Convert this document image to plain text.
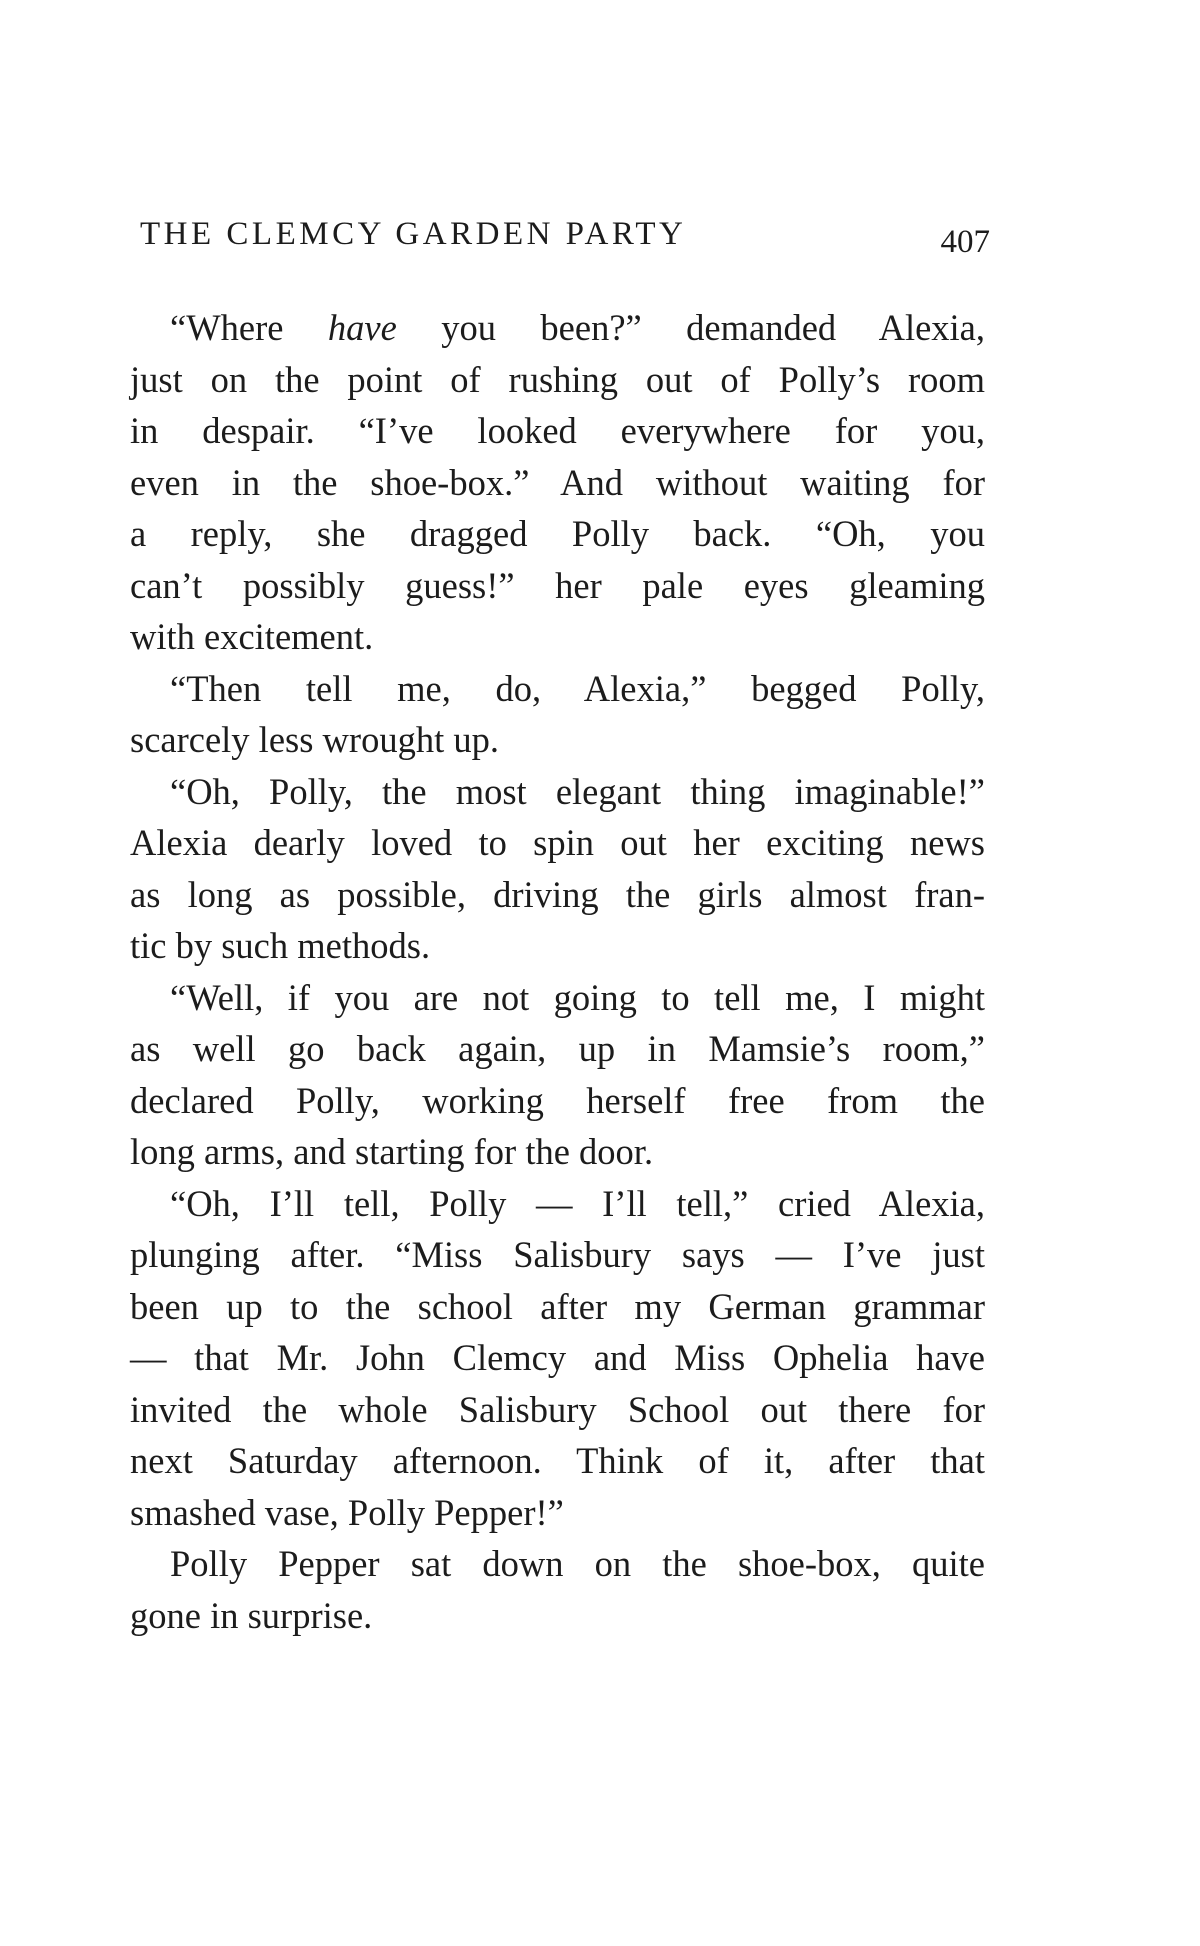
THE CLEMCY GARDEN PARTY	407
“Where have you been?” demanded Alexia,
just on the point of rushing out of Polly’s room
in despair. “I’ve looked everywhere for you,
even in the shoe-box.” And without waiting for
a reply, she dragged Polly back. “Oh, you
can’t possibly guess!” her pale eyes gleaming
with excitement.
“Then tell me, do, Alexia,” begged Polly,
scarcely less wrought up.
“Oh, Polly, the most elegant thing imaginable!”
Alexia dearly loved to spin out her exciting news
as long as possible, driving the girls almost fran-
tic by such methods.
“Well, if you are not going to tell me, I might
as well go back again, up in Mamsie’s room,”
declared Polly, working herself free from the
long arms, and starting for the door.
“Oh, I’ll tell, Polly — I’ll tell,” cried Alexia,
plunging after. “Miss Salisbury says — I’ve just
been up to the school after my German grammar
— that Mr. John Clemcy and Miss Ophelia have
invited the whole Salisbury School out there for
next Saturday afternoon. Think of it, after that
smashed vase, Polly Pepper!”
Polly Pepper sat down on the shoe-box, quite
gone in surprise.
